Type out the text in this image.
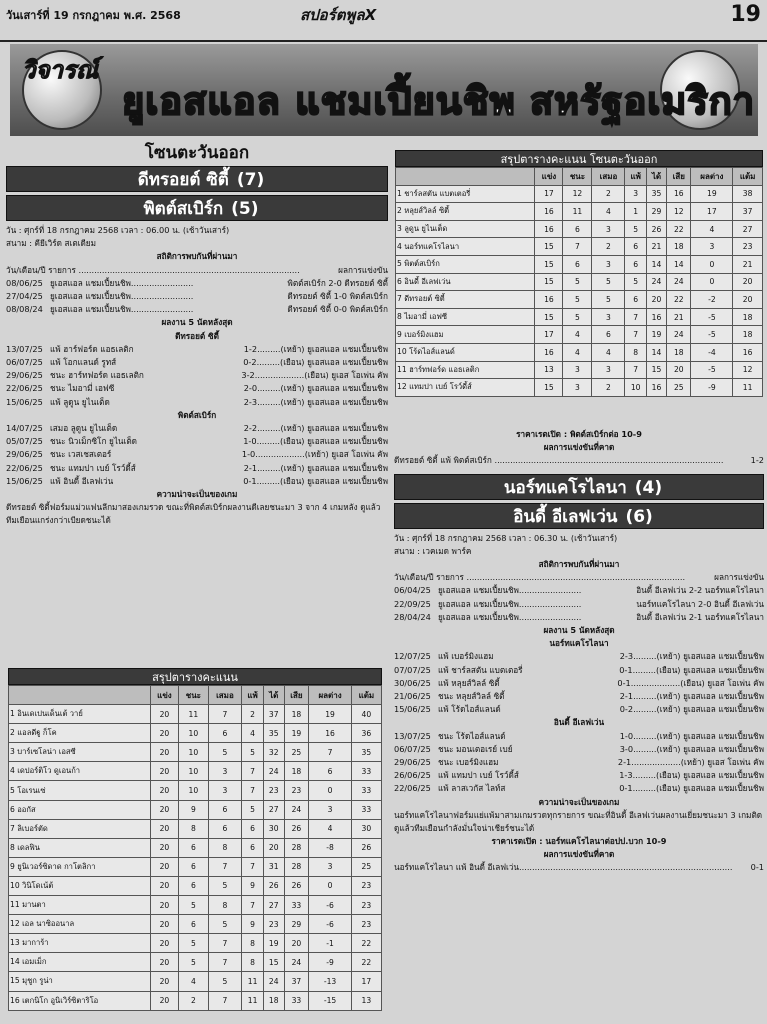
วันเสาร์ที่ 19 กรกฎาคม พ.ศ. 2568	สปอร์ตพูลX	19
วิจารณ์
ยูเอสแอล แชมเปี้ยนชิพ สหรัฐอเมริกา
โซนตะวันออก
ดีทรอยต์ ซิตี้ (7)
พิตต์สเบิร์ก (5)
วัน : ศุกร์ที่ 18 กรกฎาคม 2568 เวลา : 06.00 น. (เช้าวันเสาร์)
สนาม : คียีเวิร์ด สเตเดียม
สถิติการพบกันที่ผ่านมา
วัน/เดือน/ปี รายการ .....................................................................................	ผลการแข่งขัน
08/06/25 ยูเอสแอล แชมเปี้ยนชิพ........................	พิตต์สเบิร์ก 2-0 ดีทรอยต์ ซิตี้
27/04/25 ยูเอสแอล แชมเปี้ยนชิพ........................	ดีทรอยต์ ซิตี้ 1-0 พิตต์สเบิร์ก
08/08/24 ยูเอสแอล แชมเปี้ยนชิพ........................	ดีทรอยต์ ซิตี้ 0-0 พิตต์สเบิร์ก
ผลงาน 5 นัดหลังสุด
ดีทรอยต์ ซิตี้
13/07/25 แพ้ ฮาร์ฟอร์ด แอธเลติก	1-2.........(เหย้า) ยูเอสแอล แชมเปี้ยนชิพ
06/07/25 แพ้ โอกแลนด์ รูทส์	0-2.........(เยือน) ยูเอสแอล แชมเปี้ยนชิพ
29/06/25 ชนะ ฮาร์ทฟอร์ด แอธเลติก	3-2...................(เยือน) ยูเอส โอเพ่น คัพ
22/06/25 ชนะ ไมอามี่ เอฟซี	2-0.........(เหย้า) ยูเอสแอล แชมเปี้ยนชิพ
15/06/25 แพ้ ลูดูน ยูไนเต็ด	2-3.........(เหย้า) ยูเอสแอล แชมเปี้ยนชิพ
พิตต์สเบิร์ก
14/07/25 เสมอ ลูดูน ยูไนเต็ด	2-2.........(เหย้า) ยูเอสแอล แชมเปี้ยนชิพ
05/07/25 ชนะ นิวเม็กซิโก ยูไนเต็ด	1-0.........(เยือน) ยูเอสแอล แชมเปี้ยนชิพ
29/06/25 ชนะ เวสเชสเตอร์	1-0...................(เหย้า) ยูเอส โอเพ่น คัพ
22/06/25 ชนะ แทมปา เบย์ โรว์ดี้ส์	2-1.........(เหย้า) ยูเอสแอล แชมเปี้ยนชิพ
15/06/25 แพ้ อินดี้ อีเลฟเว่น	0-1.........(เยือน) ยูเอสแอล แชมเปี้ยนชิพ
ความน่าจะเป็นของเกม
ดีทรอยต์ ซิตี้ฟอร์มแม่วแฟนลีกมาสองเกมรวด ขณะที่พิตต์สเบิร์กผลงานดีเลยชนะมา 3 จาก 4 เกมหลัง ดูแล้วทีมเยือนแกร่งกว่าเบียดชนะได้
สรุปตารางคะแนน
	แข่ง	ชนะ	เสมอ	แพ้	ได้	เสีย	ผลต่าง	แต้ม
1 อินเดเปนเด็นเต้ วาย์	20	11	7	2	37	18	19	40
2 แอลดีฐู ก็โค	20	10	6	4	35	19	16	36
3 บาร์เซโลน่า เอสซี	20	10	5	5	32	25	7	35
4 เดปอร์ติโว ดูเอนก้า	20	10	3	7	24	18	6	33
5 โอเรนเซ่	20	10	3	7	23	23	0	33
6 ออกัส	20	9	6	5	27	24	3	33
7 ลิเบอร์ตัด	20	8	6	6	30	26	4	30
8 เดลฟิน	20	6	8	6	20	28	-8	26
9 ยูนิเวอร์ซิดาด กาโตลิกา	20	6	7	7	31	28	3	25
10 วินิโดเน้ต้	20	6	5	9	26	26	0	23
11 มานตา	20	5	8	7	27	33	-6	23
12 เอล นาซิออนาล	20	6	5	9	23	29	-6	23
13 มาการ้า	20	5	7	8	19	20	-1	22
14 เอมเม็ก	20	5	7	8	15	24	-9	22
15 มุชูก รูน่า	20	4	5	11	24	37	-13	17
16 เตกนิโก อูนิเวิร์ซิตาริโอ	20	2	7	11	18	33	-15	13
สรุปตารางคะแนน โซนตะวันออก
	แข่ง	ชนะ	เสมอ	แพ้	ได้	เสีย	ผลต่าง	แต้ม
1 ชาร์ลสตัน แบตเตอรี่	17	12	2	3	35	16	19	38
2 หลุยส์วิลล์ ซิตี้	16	11	4	1	29	12	17	37
3 ลูดูน ยูไนเต็ด	16	6	3	5	26	22	4	27
4 นอร์ทแคโรไลนา	15	7	2	6	21	18	3	23
5 พิตต์สเบิร์ก	15	6	3	6	14	14	0	21
6 อินดี้ อีเลฟเว่น	15	5	5	5	24	24	0	20
7 ดีทรอยต์ ซิตี้	16	5	5	6	20	22	-2	20
8 ไมอามี่ เอฟซี	15	5	3	7	16	21	-5	18
9 เบอร์มิงแฮม	17	4	6	7	19	24	-5	18
10 โร้ดไอส์แลนด์	16	4	4	8	14	18	-4	16
11 ฮาร์ทฟอร์ด แอธเลติก	13	3	3	7	15	20	-5	12
12 แทมปา เบย์ โรว์ดี้ส์	15	3	2	10	16	25	-9	11
ราคาเรตเปิด : พิตต์สเบิร์กต่อ 10-9
ผลการแข่งขันที่คาด
ดีทรอยต์ ซิตี้ แพ้ พิตต์สเบิร์ก ........................................................................................	1-2
นอร์ทแคโรไลนา (4)
อินดี้ อีเลฟเว่น (6)
วัน : ศุกร์ที่ 18 กรกฎาคม 2568 เวลา : 06.30 น. (เช้าวันเสาร์)
สนาม : เวคเมด พาร์ค
สถิติการพบกันที่ผ่านมา
วัน/เดือน/ปี รายการ ....................................................................................	ผลการแข่งขัน
06/04/25 ยูเอสแอล แชมเปี้ยนชิพ........................	อินดี้ อีเลฟเว่น 2-2 นอร์ทแคโรไลนา
22/09/25 ยูเอสแอล แชมเปี้ยนชิพ........................	นอร์ทแคโรไลนา 2-0 อินดี้ อีเลฟเว่น
28/04/24 ยูเอสแอล แชมเปี้ยนชิพ........................	อินดี้ อีเลฟเว่น 2-1 นอร์ทแคโรไลนา
ผลงาน 5 นัดหลังสุด
นอร์ทแคโรไลนา
12/07/25 แพ้ เบอร์มิงแฮม	2-3.........(เหย้า) ยูเอสแอล แชมเปี้ยนชิพ
07/07/25 แพ้ ชาร์ลสตัน แบตเตอรี่	0-1.........(เยือน) ยูเอสแอล แชมเปี้ยนชิพ
30/06/25 แพ้ หลุยส์วิลล์ ซิตี้	0-1...................(เยือน) ยูเอส โอเพ่น คัพ
21/06/25 ชนะ หลุยส์วิลล์ ซิตี้	2-1.........(เหย้า) ยูเอสแอล แชมเปี้ยนชิพ
15/06/25 แพ้ โร้ดไอส์แลนด์	0-2.........(เหย้า) ยูเอสแอล แชมเปี้ยนชิพ
อินดี้ อีเลฟเว่น
13/07/25 ชนะ โร้ดไอส์แลนด์	1-0.........(เหย้า) ยูเอสแอล แชมเปี้ยนชิพ
06/07/25 ชนะ มอนเตอเรย์ เบย์	3-0.........(เหย้า) ยูเอสแอล แชมเปี้ยนชิพ
29/06/25 ชนะ เบอร์มิงแฮม	2-1...................(เหย้า) ยูเอส โอเพ่น คัพ
26/06/25 แพ้ แทมปา เบย์ โรว์ดี้ส์	1-3.........(เยือน) ยูเอสแอล แชมเปี้ยนชิพ
22/06/25 แพ้ ลาสเวกัส ไลท์ส	0-1.........(เยือน) ยูเอสแอล แชมเปี้ยนชิพ
ความน่าจะเป็นของเกม
นอร์ทแคโรไลนาฟอร์มแย่แพ้มาสามเกมรวดทุกรายการ ขณะที่อินดี้ อีเลฟเว่นผลงานเยี่ยมชนะมา 3 เกมติด ดูแล้วทีมเยือนกำลังมั่นใจน่าเชียร์ชนะได้
ราคาเรตเปิด : นอร์ทแคโรไลนาต่อปป.บวก 10-9
ผลการแข่งขันที่คาด
นอร์ทแคโรไลนา แพ้ อินดี้ อีเลฟเว่น..................................................................................	0-1
